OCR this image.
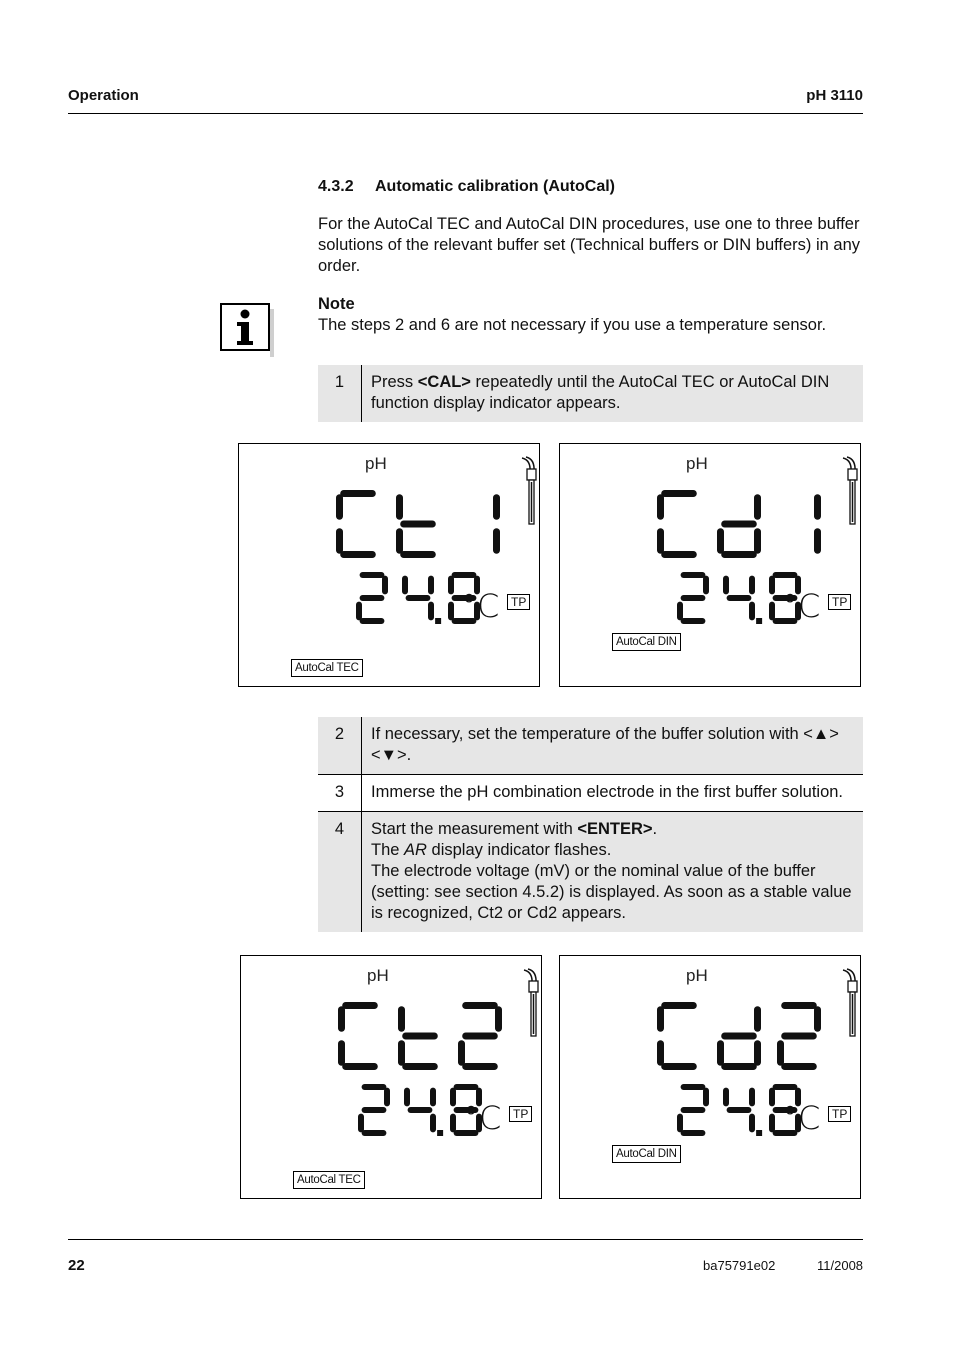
Operation	pH 3110
4.3.2 Automatic calibration (AutoCal)
For the AutoCal TEC and AutoCal DIN procedures, use one to three buffer solutions of the relevant buffer set (Technical buffers or DIN buffers) in any order.
Note
The steps 2 and 6 are not necessary if you use a temperature sensor.
1	Press <CAL> repeatedly until the AutoCal TEC or AutoCal DIN function display indicator appears.
pH
°C TP
AutoCal TEC
pH
°C TP
AutoCal DIN
2	If necessary, set the temperature of the buffer solution with <▲><▼>.
3	Immerse the pH combination electrode in the first buffer solution.
4	Start the measurement with <ENTER>.
The AR display indicator flashes.
The electrode voltage (mV) or the nominal value of the buffer (setting: see section 4.5.2) is displayed. As soon as a stable value is recognized, Ct2 or Cd2 appears.
pH
°C TP
AutoCal TEC
pH
°C TP
AutoCal DIN
22	ba75791e02	11/2008
